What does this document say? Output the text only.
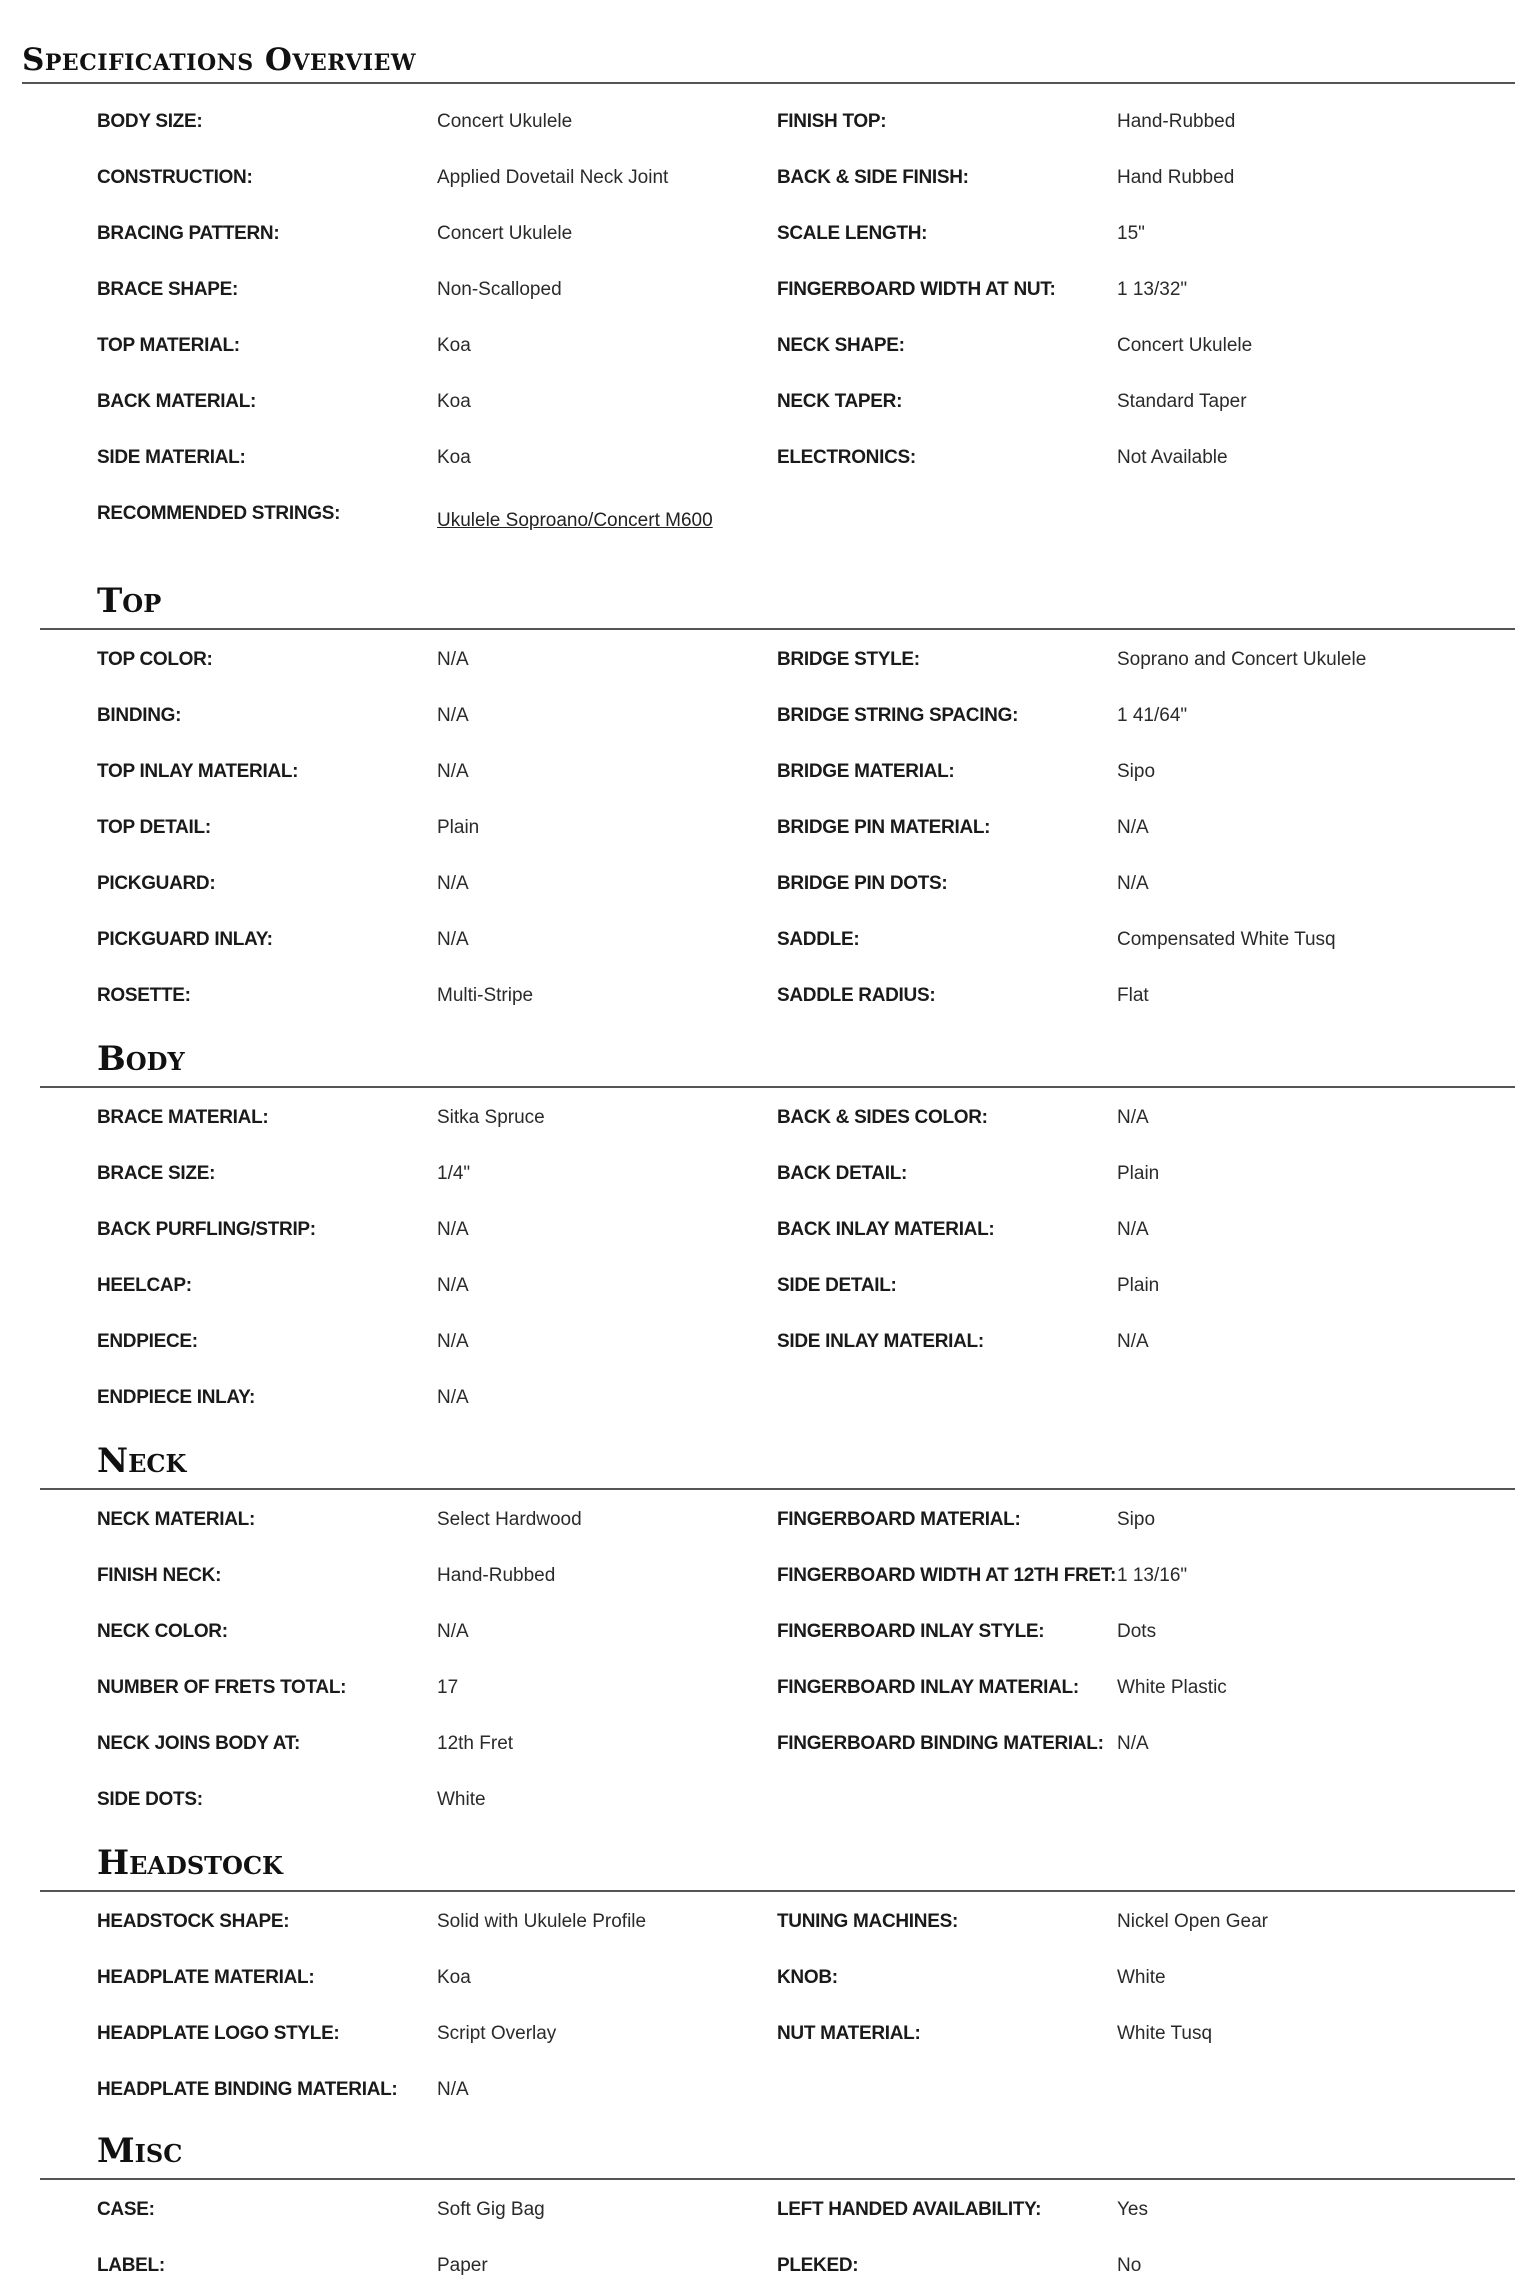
Specifications Overview
BODY SIZE:	Concert Ukulele	FINISH TOP:	Hand-Rubbed
CONSTRUCTION:	Applied Dovetail Neck Joint	BACK & SIDE FINISH:	Hand Rubbed
BRACING PATTERN:	Concert Ukulele	SCALE LENGTH:	15"
BRACE SHAPE:	Non-Scalloped	FINGERBOARD WIDTH AT NUT:	1 13/32"
TOP MATERIAL:	Koa	NECK SHAPE:	Concert Ukulele
BACK MATERIAL:	Koa	NECK TAPER:	Standard Taper
SIDE MATERIAL:	Koa	ELECTRONICS:	Not Available
RECOMMENDED STRINGS:	Ukulele Soproano/Concert M600
Top
TOP COLOR:	N/A	BRIDGE STYLE:	Soprano and Concert Ukulele
BINDING:	N/A	BRIDGE STRING SPACING:	1 41/64"
TOP INLAY MATERIAL:	N/A	BRIDGE MATERIAL:	Sipo
TOP DETAIL:	Plain	BRIDGE PIN MATERIAL:	N/A
PICKGUARD:	N/A	BRIDGE PIN DOTS:	N/A
PICKGUARD INLAY:	N/A	SADDLE:	Compensated White Tusq
ROSETTE:	Multi-Stripe	SADDLE RADIUS:	Flat
Body
BRACE MATERIAL:	Sitka Spruce	BACK & SIDES COLOR:	N/A
BRACE SIZE:	1/4"	BACK DETAIL:	Plain
BACK PURFLING/STRIP:	N/A	BACK INLAY MATERIAL:	N/A
HEELCAP:	N/A	SIDE DETAIL:	Plain
ENDPIECE:	N/A	SIDE INLAY MATERIAL:	N/A
ENDPIECE INLAY:	N/A
Neck
NECK MATERIAL:	Select Hardwood	FINGERBOARD MATERIAL:	Sipo
FINISH NECK:	Hand-Rubbed	FINGERBOARD WIDTH AT 12TH FRET: 1 13/16"
NECK COLOR:	N/A	FINGERBOARD INLAY STYLE:	Dots
NUMBER OF FRETS TOTAL:	17	FINGERBOARD INLAY MATERIAL: White Plastic
NECK JOINS BODY AT:	12th Fret	FINGERBOARD BINDING MATERIAL: N/A
SIDE DOTS:	White
Headstock
HEADSTOCK SHAPE:	Solid with Ukulele Profile	TUNING MACHINES:	Nickel Open Gear
HEADPLATE MATERIAL:	Koa	KNOB:	White
HEADPLATE LOGO STYLE:	Script Overlay	NUT MATERIAL:	White Tusq
HEADPLATE BINDING MATERIAL: N/A
Misc
CASE:	Soft Gig Bag	LEFT HANDED AVAILABILITY:	Yes
LABEL:	Paper	PLEKED:	No
